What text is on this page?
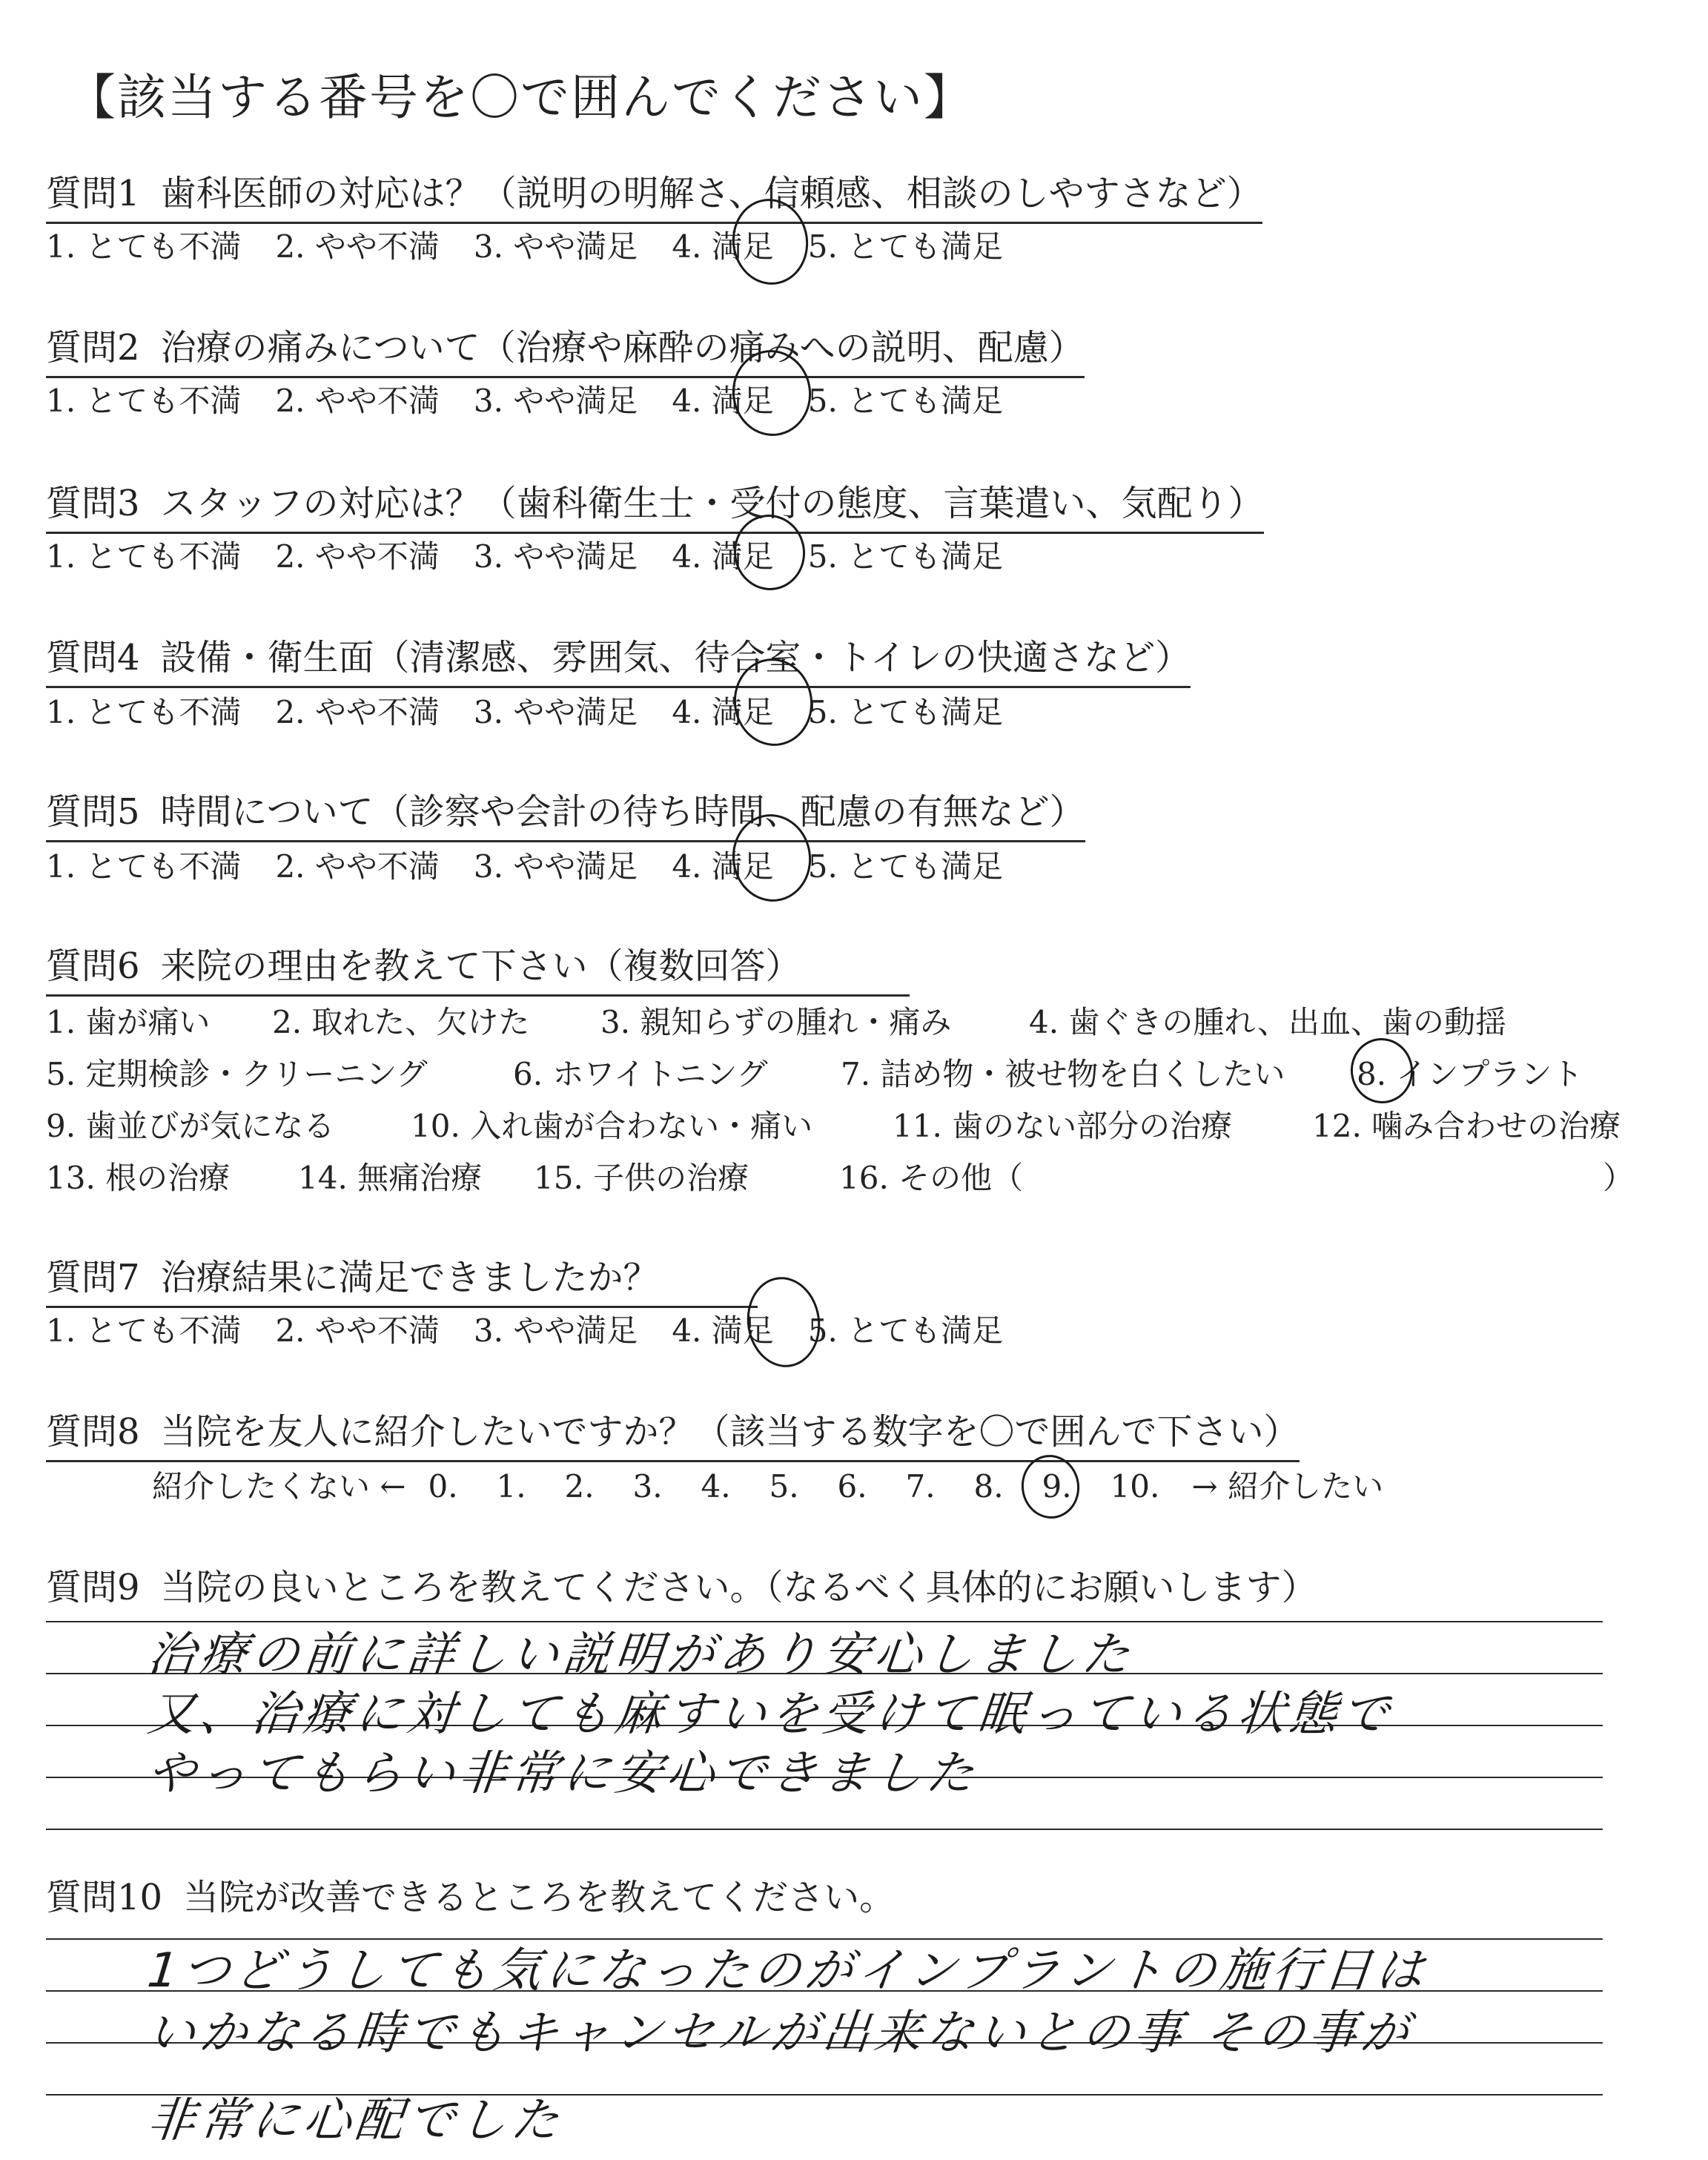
【該当する番号を〇で囲んでください】
質問1 歯科医師の対応は？（説明の明解さ、信頼感、相談のしやすさなど）
1. とても不満 2. やや不満 3. やや満足 4. 満足 5. とても満足
質問2 治療の痛みについて（治療や麻酔の痛みへの説明、配慮）
1. とても不満 2. やや不満 3. やや満足 4. 満足 5. とても満足
質問3 スタッフの対応は？（歯科衛生士・受付の態度、言葉遣い、気配り）
1. とても不満 2. やや不満 3. やや満足 4. 満足 5. とても満足
質問4 設備・衛生面（清潔感、雰囲気、待合室・トイレの快適さなど）
1. とても不満 2. やや不満 3. やや満足 4. 満足 5. とても満足
質問5 時間について（診察や会計の待ち時間、配慮の有無など）
1. とても不満 2. やや不満 3. やや満足 4. 満足 5. とても満足
質問6 来院の理由を教えて下さい（複数回答）
1. 歯が痛い 2. 取れた、欠けた 3. 親知らずの腫れ・痛み 4. 歯ぐきの腫れ、出血、歯の動揺
5. 定期検診・クリーニング	6. ホワイトニング 7. 詰め物・被せ物を白くしたい 8. インプラント
9. 歯並びが気になる 10. 入れ歯が合わない・痛い	11. 歯のない部分の治療	12. 噛み合わせの治療
13. 根の治療 14. 無痛治療 15. 子供の治療	16. その他（	）
質問7 治療結果に満足できましたか？
1. とても不満 2. やや不満 3. やや満足 4. 満足 5. とても満足
質問8 当院を友人に紹介したいですか？（該当する数字を〇で囲んで下さい）
紹介したくない ← 0. 1. 2. 3. 4. 5. 6. 7. 8. 9. 10. → 紹介したい
質問9 当院の良いところを教えてください。（なるべく具体的にお願いします）
治療の前に詳しい説明があり安心しました
又、治療に対しても麻すいを受けて眠っている状態で
やってもらい非常に安心できました
質問10 当院が改善できるところを教えてください。
1つどうしても気になったのがインプラントの施行日は
いかなる時でもキャンセルが出来ないとの事 その事が
非常に心配でした
